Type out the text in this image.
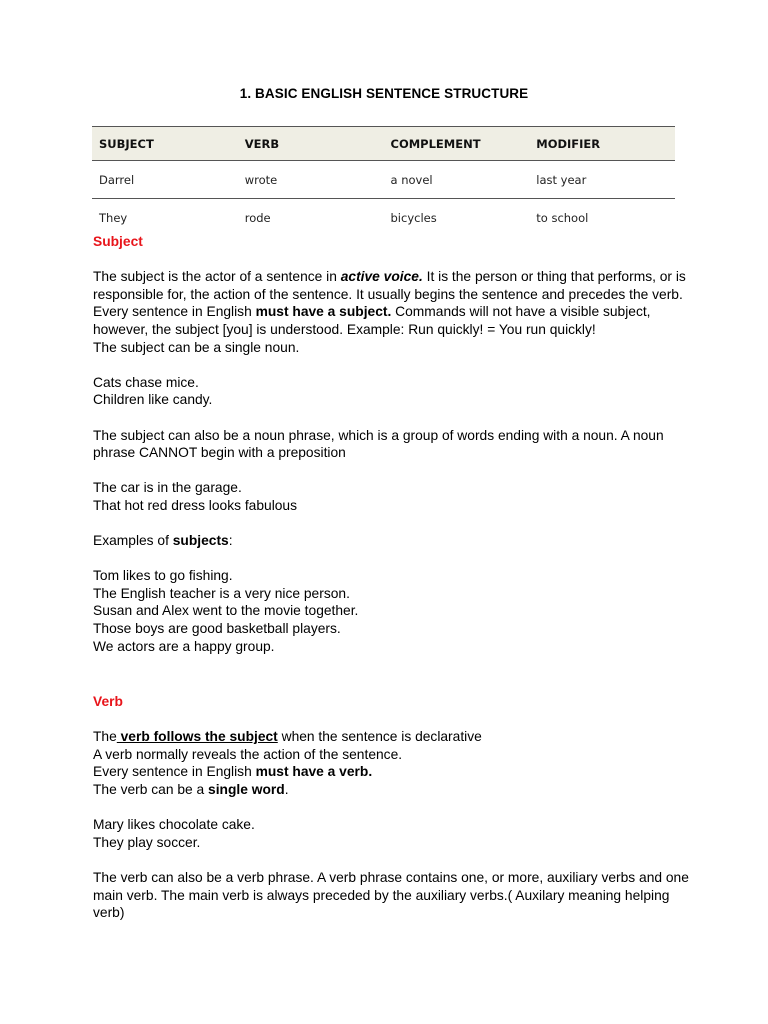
1. BASIC ENGLISH SENTENCE STRUCTURE
SUBJECT	VERB	COMPLEMENT	MODIFIER
Darrel	wrote	a novel	last year
They	rode	bicycles	to school

Subject

The subject is the actor of a sentence in active voice. It is the person or thing that performs, or is responsible for, the action of the sentence. It usually begins the sentence and precedes the verb.

Every sentence in English must have a subject. Commands will not have a visible subject, however, the subject [you] is understood. Example: Run quickly! = You run quickly!

The subject can be a single noun.

Cats chase mice.

Children like candy.

The subject can also be a noun phrase, which is a group of words ending with a noun. A noun phrase CANNOT begin with a preposition

The car is in the garage.

That hot red dress looks fabulous

Examples of subjects:

Tom likes to go fishing.

The English teacher is a very nice person.

Susan and Alex went to the movie together.

Those boys are good basketball players.

We actors are a happy group.

Verb

The verb follows the subject when the sentence is declarative

A verb normally reveals the action of the sentence.

Every sentence in English must have a verb.

The verb can be a single word.

Mary likes chocolate cake.

They play soccer.

The verb can also be a verb phrase. A verb phrase contains one, or more, auxiliary verbs and one main verb. The main verb is always preceded by the auxiliary verbs.( Auxilary meaning helping verb)
